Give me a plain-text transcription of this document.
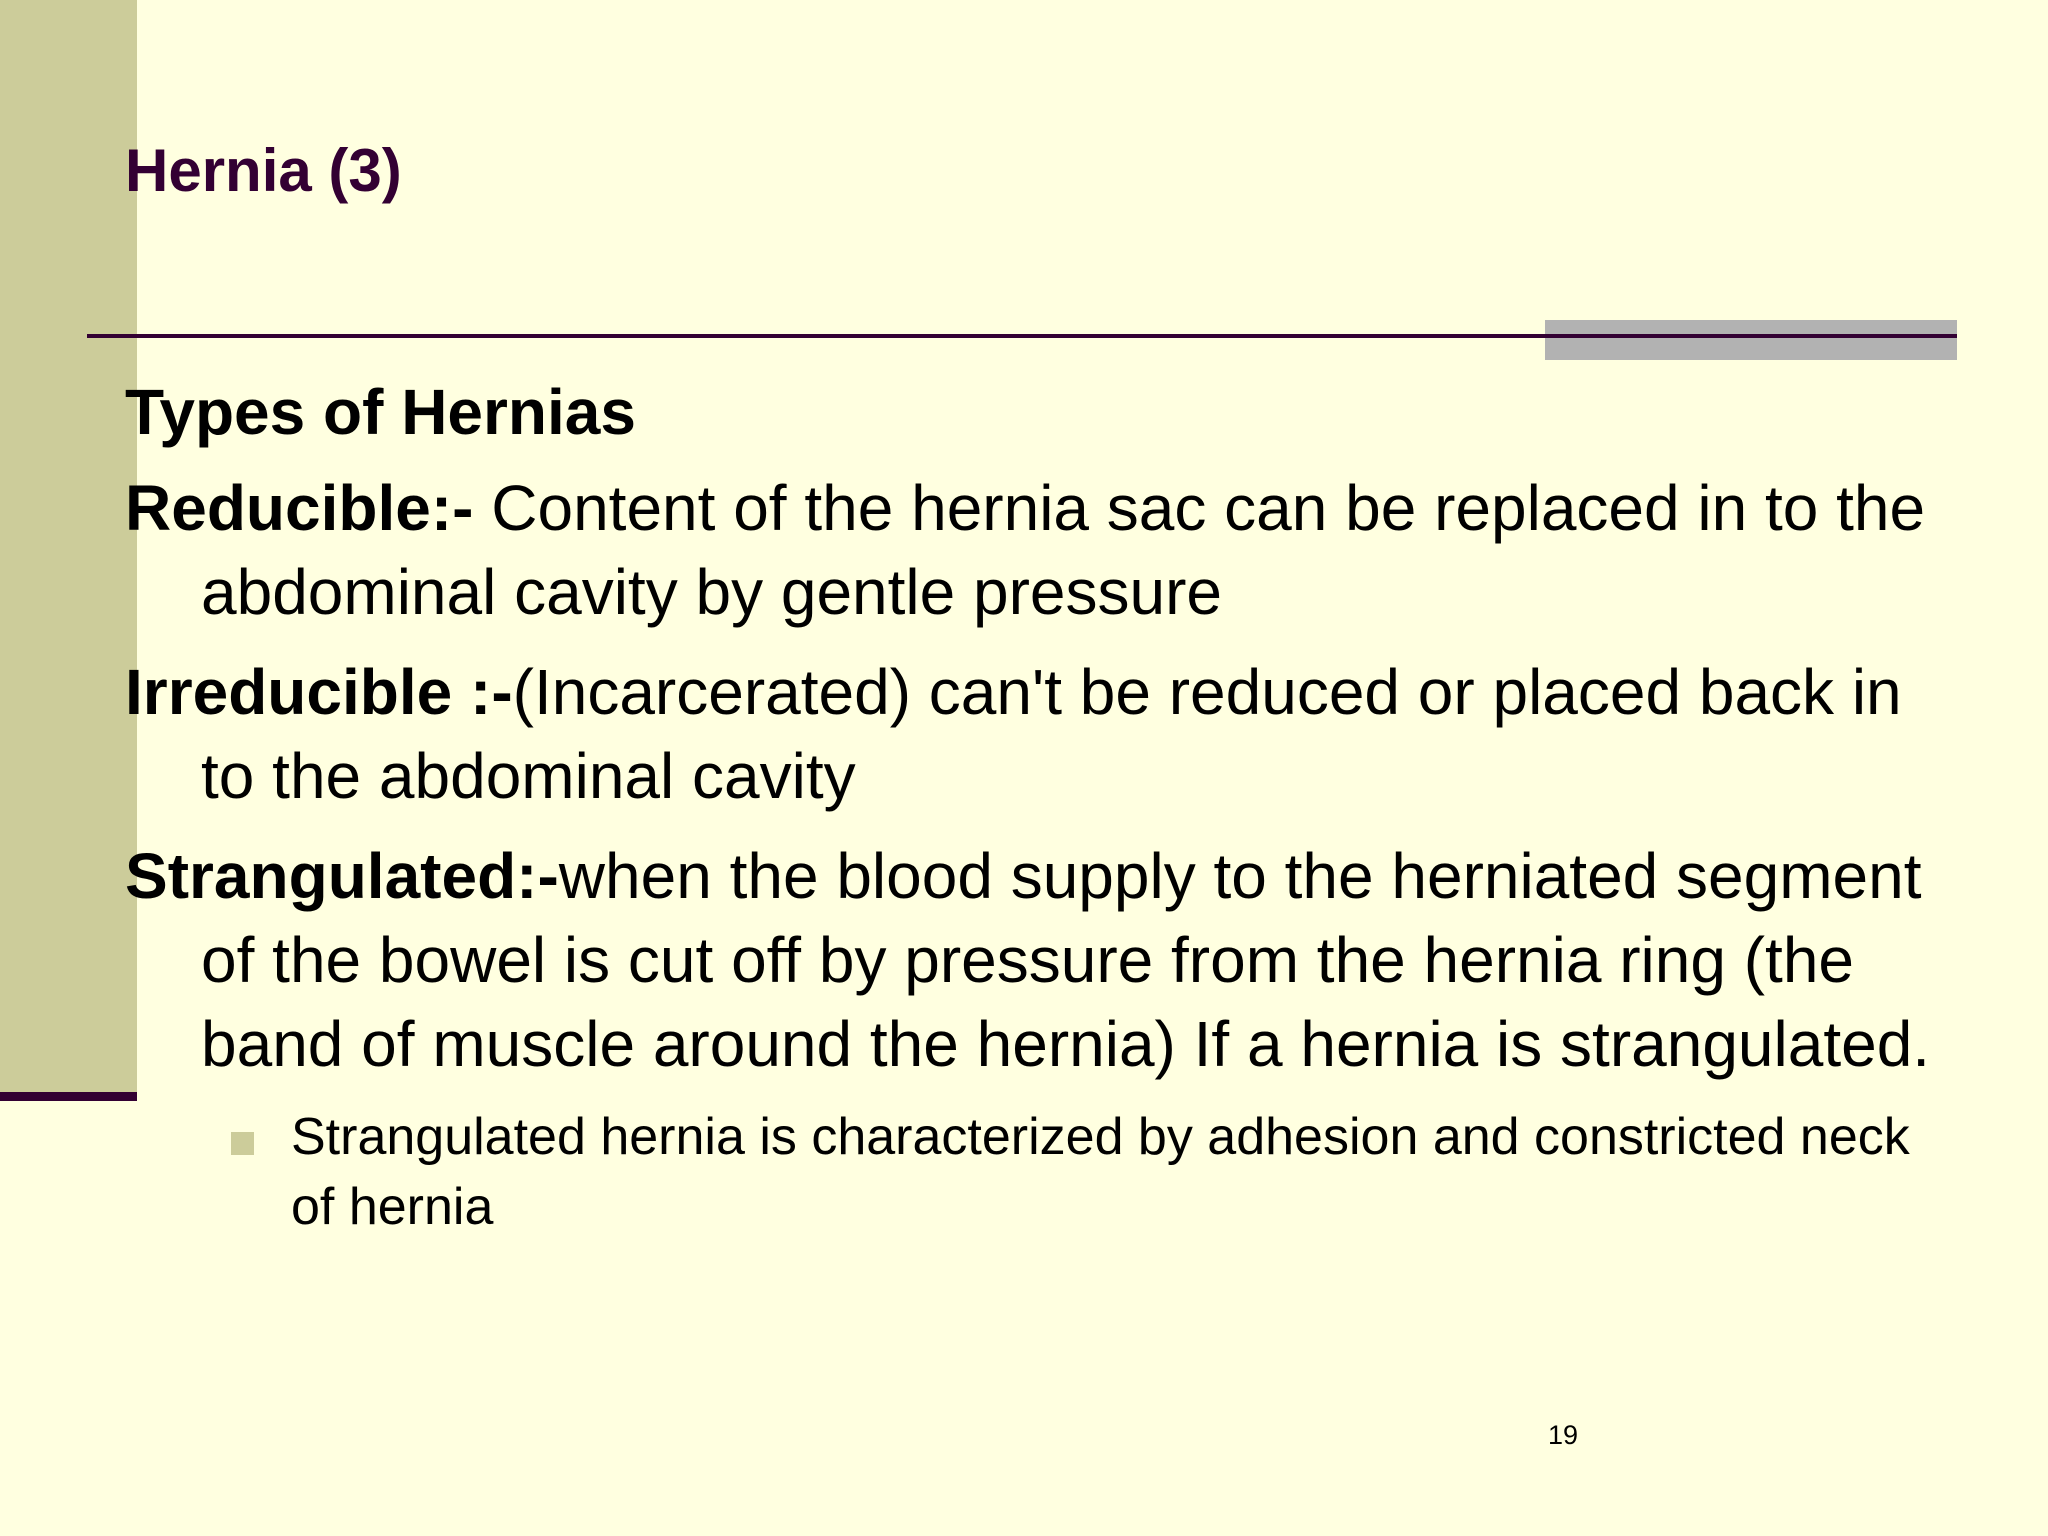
Hernia (3)

Types of Hernias

Reducible:- Content of the hernia sac can be replaced in to the abdominal cavity by gentle pressure

Irreducible :-(Incarcerated) can't be reduced or placed back in to the abdominal cavity

Strangulated:-when the blood supply to the herniated segment of the bowel is cut off by pressure from the hernia ring (the band of muscle around the hernia) If a hernia is strangulated.

Strangulated hernia is characterized by adhesion and constricted neck of hernia

19
